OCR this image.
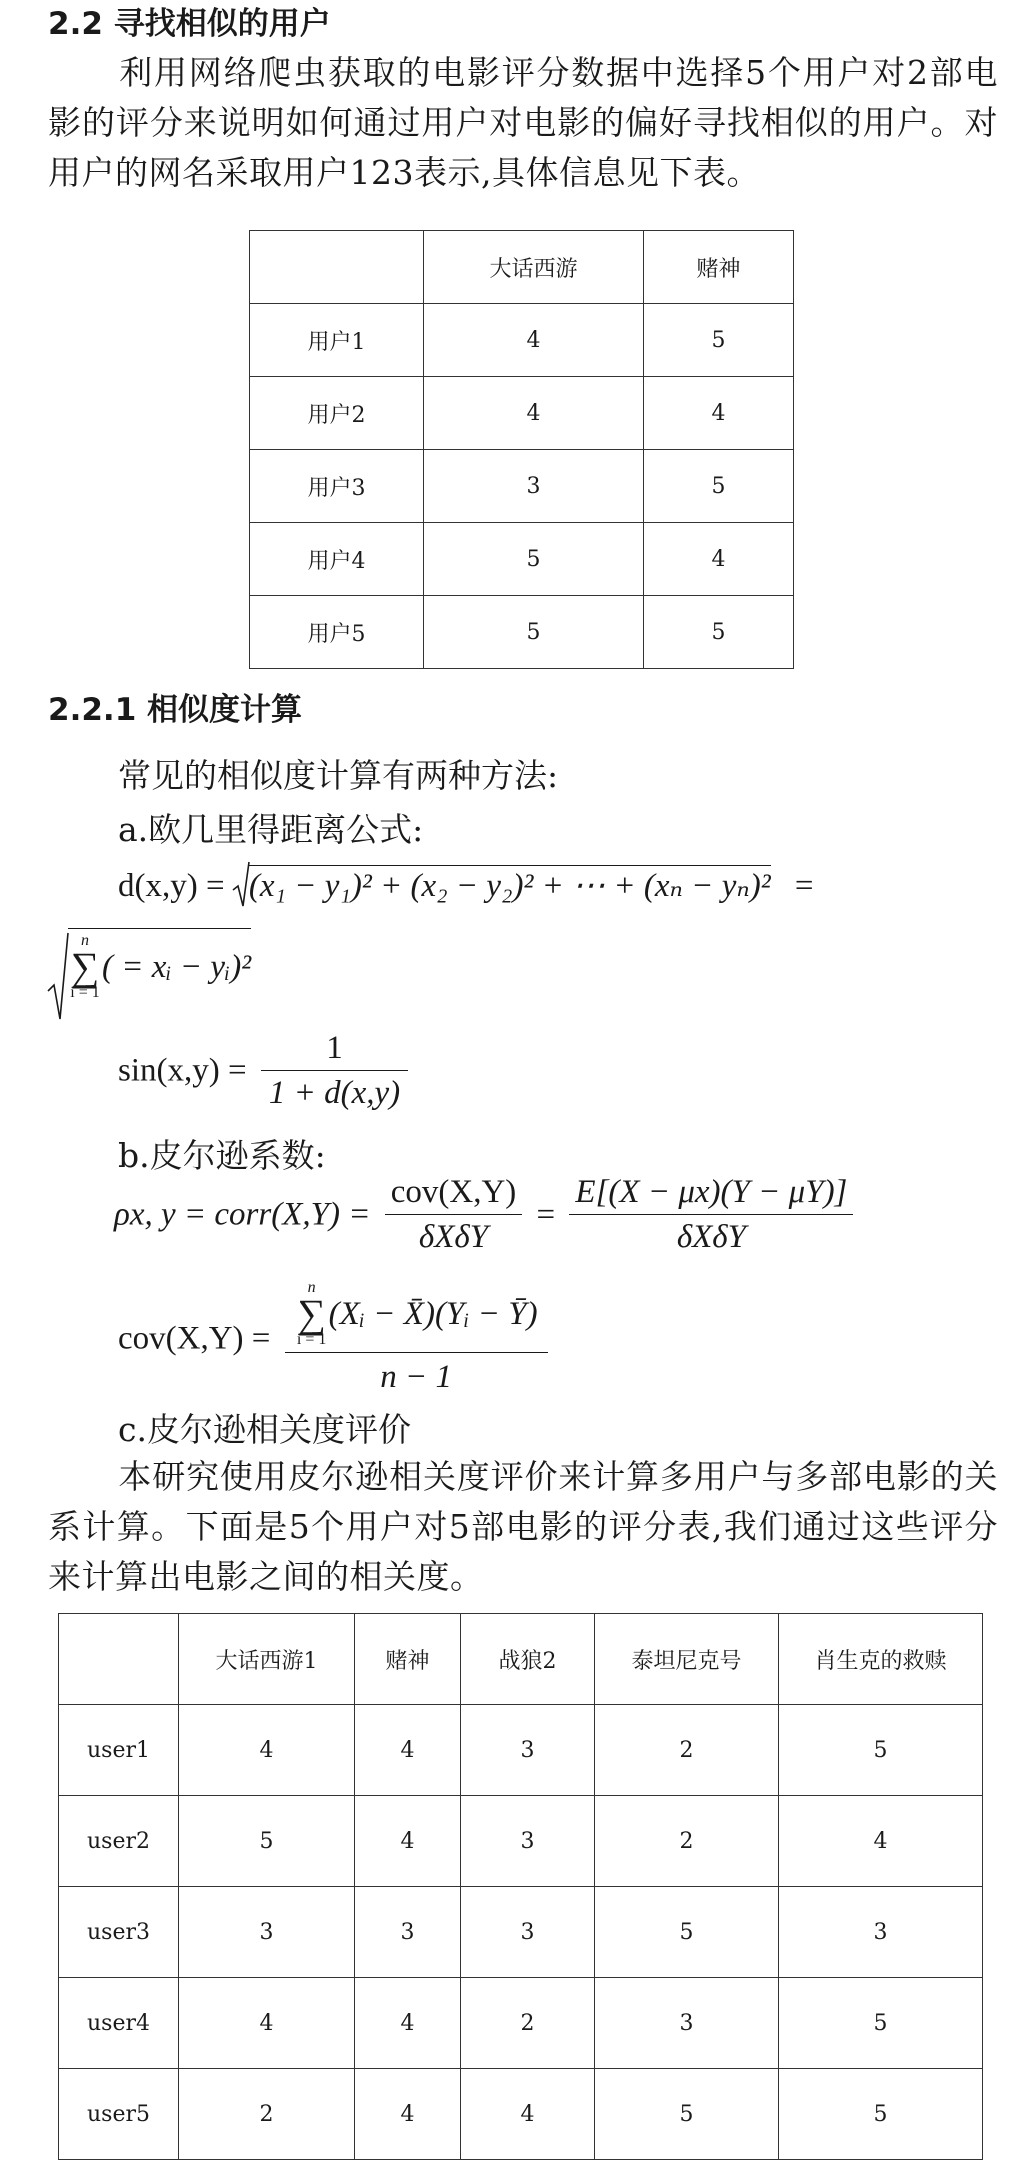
2.2 寻找相似的用户
利用网络爬虫获取的电影评分数据中选择5个用户对2部电影的评分来说明如何通过用户对电影的偏好寻找相似的用户。对用户的网名采取用户123表示,具体信息见下表。
	大话西游	赌神
用户1	4	5
用户2	4	4
用户3	3	5
用户4	5	4
用户5	5	5
2.2.1 相似度计算
常见的相似度计算有两种方法:
a.欧几里得距离公式:
d(x,y) = (x₁ − y₁)² + (x₂ − y₂)² + ⋯ + (xₙ − yₙ)² =
n
∑
i = 1
( = xᵢ − yᵢ)²
$\sin(x,y) = \frac{1}{1 + d(x,y)}$
b.皮尔逊系数:
ρx, y = corr(X,Y) =
cov(X,Y)
δXδY
=
E[(X − μx)(Y − μY)]
δXδY
cov(X,Y) = n
∑
i = 1
(Xᵢ − X̄)(Yᵢ − Ȳ)
n − 1
c.皮尔逊相关度评价
本研究使用皮尔逊相关度评价来计算多用户与多部电影的关系计算。下面是5个用户对5部电影的评分表,我们通过这些评分来计算出电影之间的相关度。
	大话西游1	赌神	战狼2	泰坦尼克号	肖生克的救赎
user1	4	4	3	2	5
user2	5	4	3	2	4
user3	3	3	3	5	3
user4	4	4	2	3	5
user5	2	4	4	5	5
